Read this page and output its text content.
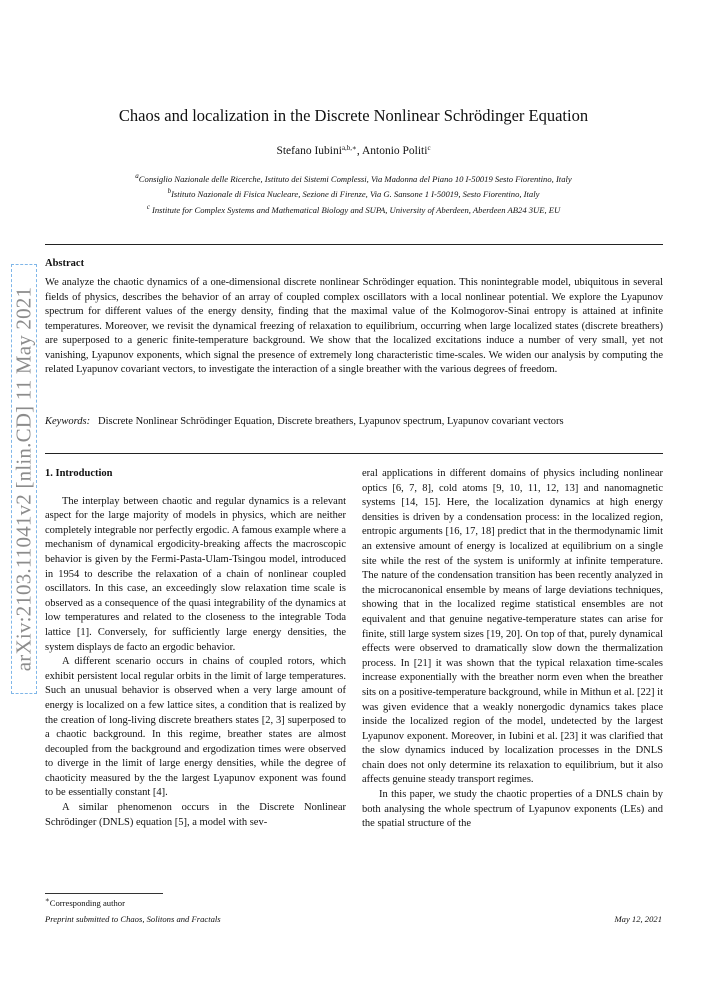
arXiv:2103.11041v2 [nlin.CD] 11 May 2021
Chaos and localization in the Discrete Nonlinear Schrödinger Equation
Stefano Iubini$^{a,b,∗}$, Antonio Politi$^c$
$^a$Consiglio Nazionale delle Ricerche, Istituto dei Sistemi Complessi, Via Madonna del Piano 10 I-50019 Sesto Fiorentino, Italy
$^b$Istituto Nazionale di Fisica Nucleare, Sezione di Firenze, Via G. Sansone 1 I-50019, Sesto Fiorentino, Italy
$^c$ Institute for Complex Systems and Mathematical Biology and SUPA, University of Aberdeen, Aberdeen AB24 3UE, EU
Abstract

We analyze the chaotic dynamics of a one-dimensional discrete nonlinear Schrödinger equation. This nonintegrable model, ubiquitous in several fields of physics, describes the behavior of an array of coupled complex oscillators with a local nonlinear potential. We explore the Lyapunov spectrum for different values of the energy density, finding that the maximal value of the Kolmogorov-Sinai entropy is attained at infinite temperatures. Moreover, we revisit the dynamical freezing of relaxation to equilibrium, occurring when large localized states (discrete breathers) are superposed to a generic finite-temperature background. We show that the localized excitations induce a number of very small, yet not vanishing, Lyapunov exponents, which signal the presence of extremely long characteristic time-scales. We widen our analysis by computing the related Lyapunov covariant vectors, to investigate the interaction of a single breather with the various degrees of freedom.

Keywords: Discrete Nonlinear Schrödinger Equation, Discrete breathers, Lyapunov spectrum, Lyapunov covariant vectors

1. Introduction

The interplay between chaotic and regular dynamics is a relevant aspect for the large majority of models in physics, which are neither completely integrable nor perfectly ergodic. A famous example where a mechanism of dynamical ergodicity-breaking affects the macroscopic behavior is given by the Fermi-Pasta-Ulam-Tsingou model, introduced in 1954 to describe the relaxation of a chain of nonlinear coupled oscillators. In this case, an exceedingly slow relaxation time scale is observed as a consequence of the quasi integrability of the dynamics at low temperatures and related to the closeness to the integrable Toda lattice [1]. Conversely, for sufficiently large energy densities, the system displays de facto an ergodic behavior.

A different scenario occurs in chains of coupled rotors, which exhibit persistent local regular orbits in the limit of large temperatures. Such an unusual behavior is observed when a very large amount of energy is localized on a few lattice sites, a condition that is realized by the creation of long-living discrete breathers states [2, 3] superposed to a chaotic background. In this regime, breather states are almost decoupled from the background and ergodization times were observed to diverge in the limit of large energy densities, while the degree of chaoticity measured by the the largest Lyapunov exponent was found to be essentially constant [4].

A similar phenomenon occurs in the Discrete Nonlinear Schrödinger (DNLS) equation [5], a model with sev-

eral applications in different domains of physics including nonlinear optics [6, 7, 8], cold atoms [9, 10, 11, 12, 13] and nanomagnetic systems [14, 15]. Here, the localization dynamics at high energy densities is driven by a condensation process: in the localized region, entropic arguments [16, 17, 18] predict that in the thermodynamic limit an extensive amount of energy is localized at equilibrium on a single site while the rest of the system is uniformly at infinite temperature. The nature of the condensation transition has been recently analyzed in the microcanonical ensemble by means of large deviations techniques, showing that in the localized regime statistical ensembles are not equivalent and that genuine negative-temperature states can arise for finite, still large system sizes [19, 20]. On top of that, purely dynamical effects were observed to dramatically slow down the thermalization process. In [21] it was shown that the typical relaxation time-scales increase exponentially with the breather norm even when the breather sits on a positive-temperature background, while in Mithun et al. [22] it was given evidence that a weakly nonergodic dynamics takes place inside the localized region of the model, undetected by the largest Lyapunov exponent. Moreover, in Iubini et al. [23] it was clarified that the slow dynamics induced by localization processes in the DNLS chain does not only determine its relaxation to equilibrium, but it also affects genuine steady transport regimes.

In this paper, we study the chaotic properties of a DNLS chain by both analysing the whole spectrum of Lyapunov exponents (LEs) and the spatial structure of the

∗Corresponding author
Preprint submitted to Chaos, Solitons and Fractals	May 12, 2021
